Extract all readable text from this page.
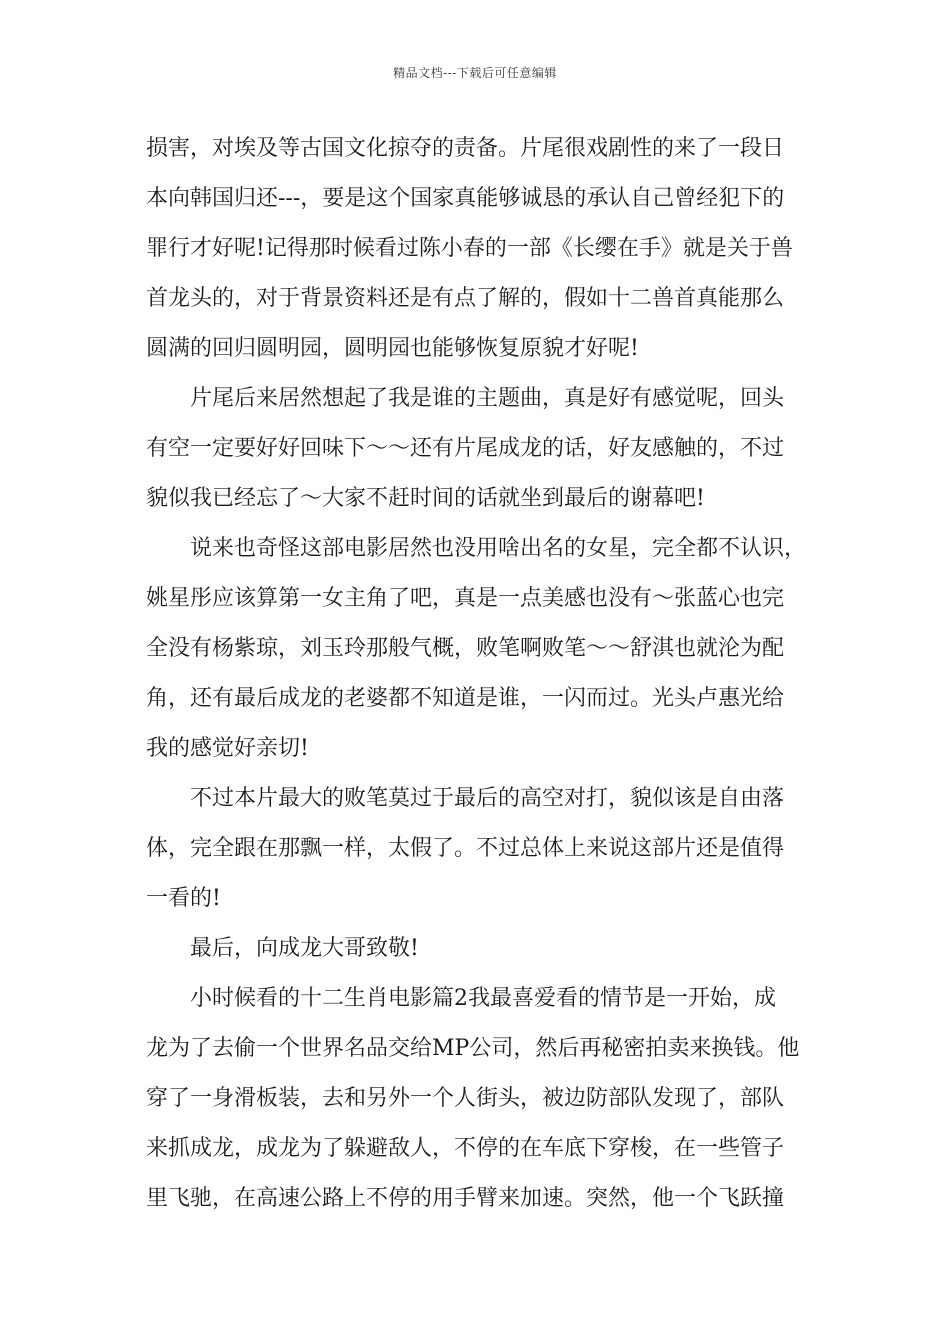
精品文档---下载后可任意编辑
损害，对埃及等古国文化掠夺的责备。片尾很戏剧性的来了一段日
本向韩国归还---，要是这个国家真能够诚恳的承认自己曾经犯下的
罪行才好呢!记得那时候看过陈小春的一部《长缨在手》就是关于兽
首龙头的，对于背景资料还是有点了解的，假如十二兽首真能那么
圆满的回归圆明园，圆明园也能够恢复原貌才好呢!
片尾后来居然想起了我是谁的主题曲，真是好有感觉呢，回头
有空一定要好好回味下～～还有片尾成龙的话，好友感触的，不过
貌似我已经忘了～大家不赶时间的话就坐到最后的谢幕吧!
说来也奇怪这部电影居然也没用啥出名的女星，完全都不认识，
姚星彤应该算第一女主角了吧，真是一点美感也没有～张蓝心也完
全没有杨紫琼，刘玉玲那般气概，败笔啊败笔～～舒淇也就沦为配
角，还有最后成龙的老婆都不知道是谁，一闪而过。光头卢惠光给
我的感觉好亲切!
不过本片最大的败笔莫过于最后的高空对打，貌似该是自由落
体，完全跟在那飘一样，太假了。不过总体上来说这部片还是值得
一看的!
最后，向成龙大哥致敬!
小时候看的十二生肖电影篇2我最喜爱看的情节是一开始，成
龙为了去偷一个世界名品交给MP公司，然后再秘密拍卖来换钱。他
穿了一身滑板装，去和另外一个人街头，被边防部队发现了，部队
来抓成龙，成龙为了躲避敌人，不停的在车底下穿梭，在一些管子
里飞驰，在高速公路上不停的用手臂来加速。突然，他一个飞跃撞
